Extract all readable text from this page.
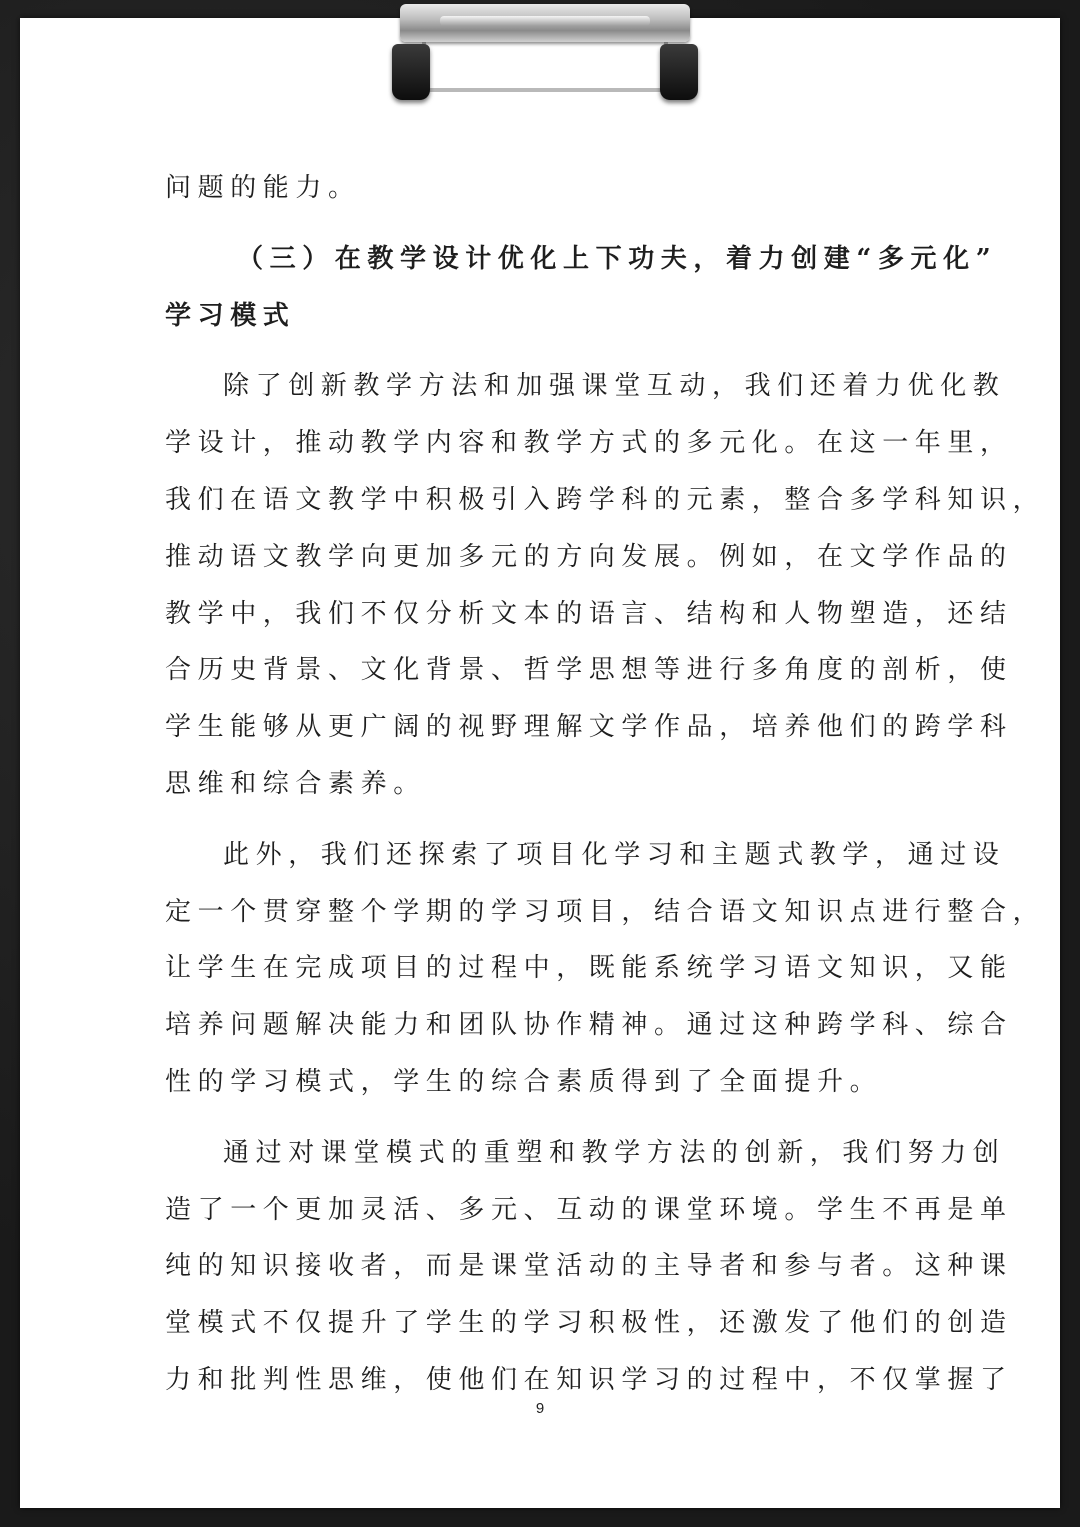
问题的能力。

（三）在教学设计优化上下功夫，着力创建“多元化”

学习模式

除了创新教学方法和加强课堂互动，我们还着力优化教

学设计，推动教学内容和教学方式的多元化。在这一年里，

我们在语文教学中积极引入跨学科的元素，整合多学科知识，

推动语文教学向更加多元的方向发展。例如，在文学作品的

教学中，我们不仅分析文本的语言、结构和人物塑造，还结

合历史背景、文化背景、哲学思想等进行多角度的剖析，使

学生能够从更广阔的视野理解文学作品，培养他们的跨学科

思维和综合素养。

此外，我们还探索了项目化学习和主题式教学，通过设

定一个贯穿整个学期的学习项目，结合语文知识点进行整合，

让学生在完成项目的过程中，既能系统学习语文知识，又能

培养问题解决能力和团队协作精神。通过这种跨学科、综合

性的学习模式，学生的综合素质得到了全面提升。

通过对课堂模式的重塑和教学方法的创新，我们努力创

造了一个更加灵活、多元、互动的课堂环境。学生不再是单

纯的知识接收者，而是课堂活动的主导者和参与者。这种课

堂模式不仅提升了学生的学习积极性，还激发了他们的创造

力和批判性思维，使他们在知识学习的过程中，不仅掌握了

9
